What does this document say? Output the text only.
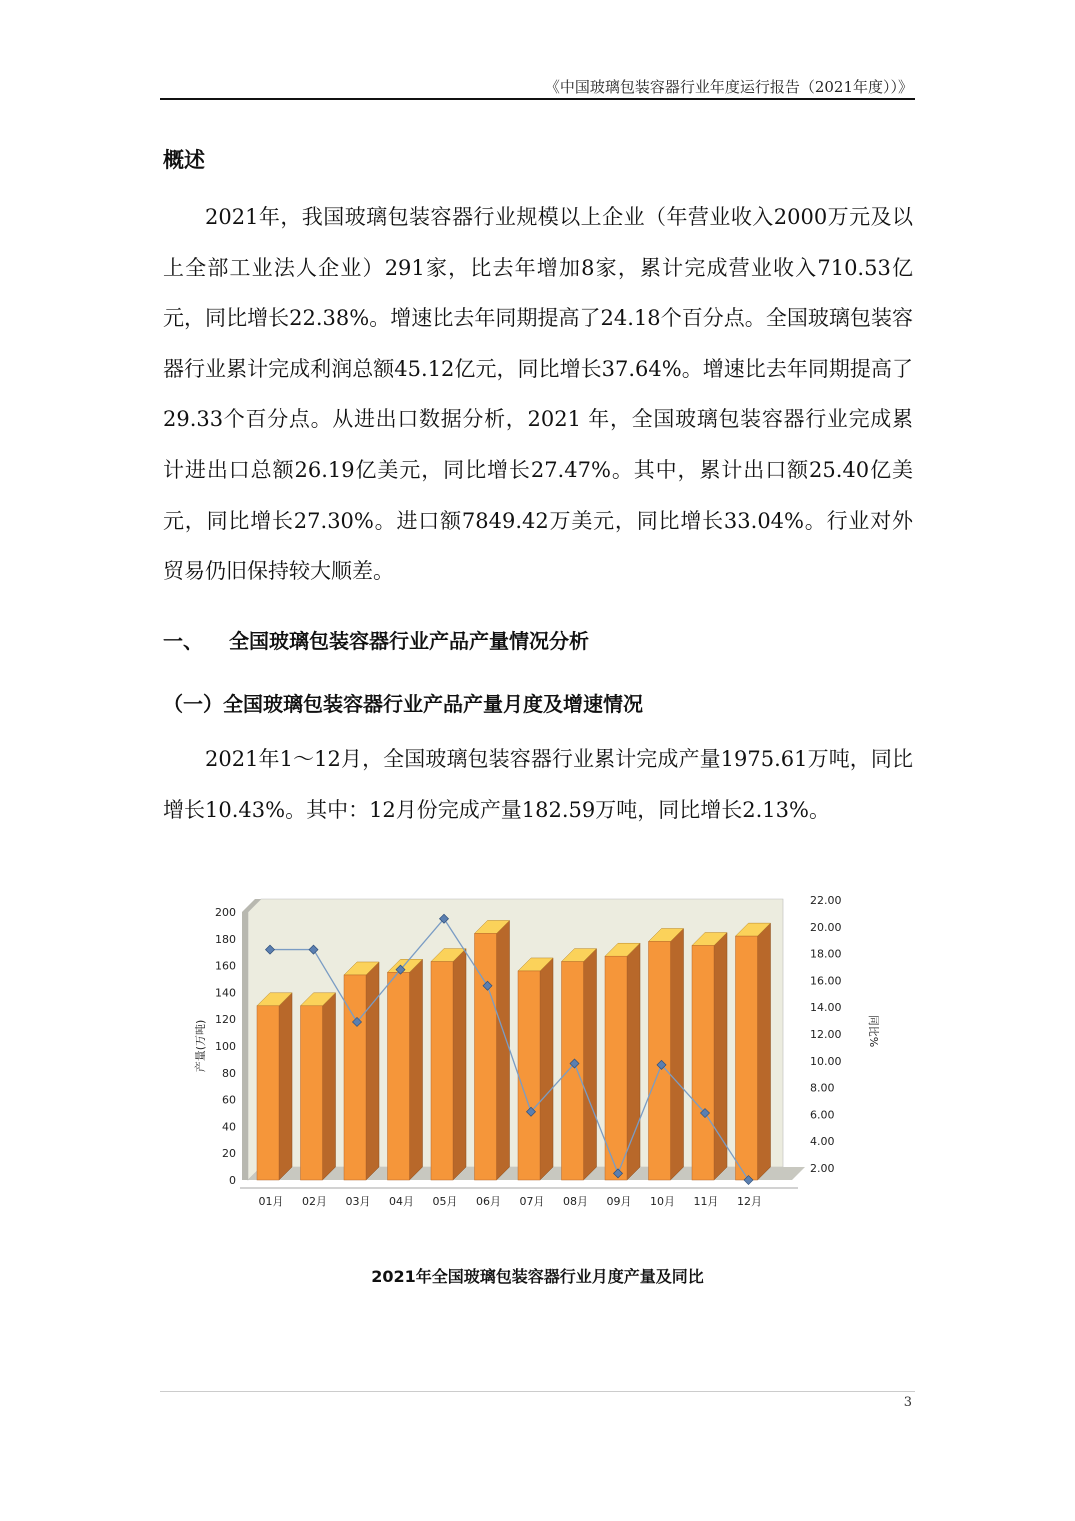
《中国玻璃包装容器行业年度运行报告（2021年度））》
概述

2021年，我国玻璃包装容器行业规模以上企业（年营业收入2000万元及以上全部工业法人企业）291家，比去年增加8家，累计完成营业收入710.53亿元，同比增长22.38%。增速比去年同期提高了24.18个百分点。全国玻璃包装容器行业累计完成利润总额45.12亿元，同比增长37.64%。增速比去年同期提高了29.33个百分点。从进出口数据分析，2021 年，全国玻璃包装容器行业完成累计进出口总额26.19亿美元，同比增长27.47%。其中，累计出口额25.40亿美元，同比增长27.30%。进口额7849.42万美元，同比增长33.04%。行业对外贸易仍旧保持较大顺差。

一、 全国玻璃包装容器行业产品产量情况分析
（一）全国玻璃包装容器行业产品产量月度及增速情况

2021年1～12月，全国玻璃包装容器行业累计完成产量1975.61万吨，同比增长10.43%。其中：12月份完成产量182.59万吨，同比增长2.13%。

0
20
40
60
80
100
120
140
160
180
200
2.00
4.00
6.00
8.00
10.00
12.00
14.00
16.00
18.00
20.00
22.00
产量(万吨)	同比%
01月 02月 03月 04月 05月 06月 07月 08月 09月 10月 11月 12月
2021年全国玻璃包装容器行业月度产量及同比
3
